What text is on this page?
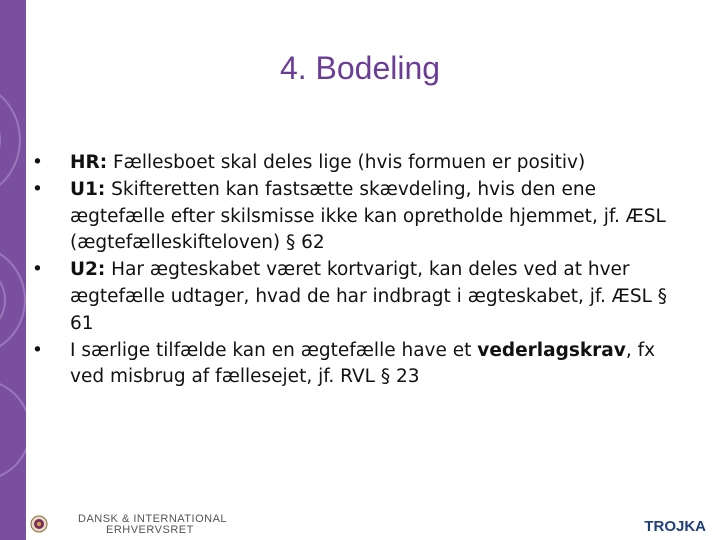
4. Bodeling
• HR: Fællesboet skal deles lige (hvis formuen er positiv)
• U1: Skifteretten kan fastsætte skævdeling, hvis den ene ægtefælle efter skilsmisse ikke kan opretholde hjemmet, jf. ÆSL (ægtefælleskifteloven) § 62
• U2: Har ægteskabet været kortvarigt, kan deles ved at hver ægtefælle udtager, hvad de har indbragt i ægteskabet, jf. ÆSL § 61
• I særlige tilfælde kan en ægtefælle have et vederlagskrav, fx ved misbrug af fællesejet, jf. RVL § 23
DANSK & INTERNATIONAL
ERHVERVSRET	TROJKA
